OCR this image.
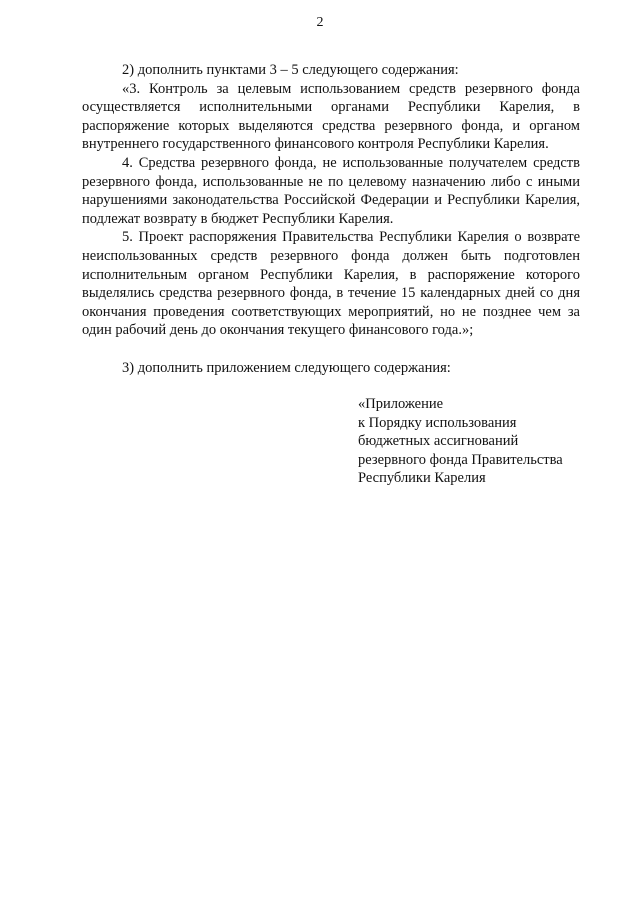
2

2) дополнить пунктами 3 – 5 следующего содержания:

«3. Контроль за целевым использованием средств резервного фонда осуществляется исполнительными органами Республики Карелия, в распоряжение которых выделяются средства резервного фонда, и органом внутреннего государственного финансового контроля Республики Карелия.

4. Средства резервного фонда, не использованные получателем средств резервного фонда, использованные не по целевому назначению либо с иными нарушениями законодательства Российской Федерации и Республики Карелия, подлежат возврату в бюджет Республики Карелия.

5. Проект распоряжения Правительства Республики Карелия о возврате неиспользованных средств резервного фонда должен быть подготовлен исполнительным органом Республики Карелия, в распоряжение которого выделялись средства резервного фонда, в течение 15 календарных дней со дня окончания проведения соответствующих мероприятий, но не позднее чем за один рабочий день до окончания текущего финансового года.»;

3) дополнить приложением следующего содержания:

«Приложение
к Порядку использования
бюджетных ассигнований
резервного фонда Правительства
Республики Карелия
